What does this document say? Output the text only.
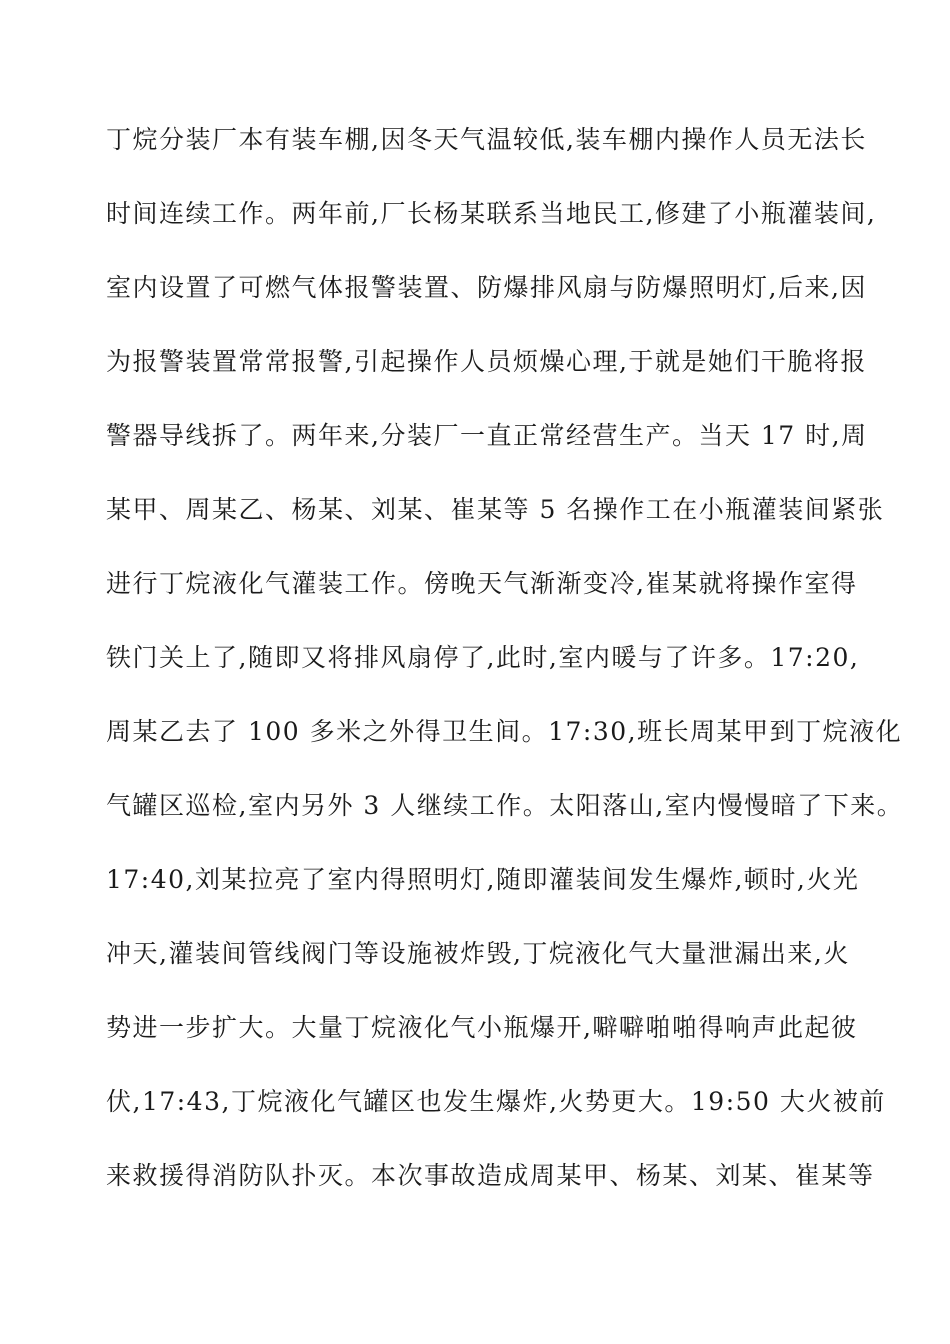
丁烷分装厂本有装车棚,因冬天气温较低,装车棚内操作人员无法长
时间连续工作。两年前,厂长杨某联系当地民工,修建了小瓶灌装间,
室内设置了可燃气体报警装置、防爆排风扇与防爆照明灯,后来,因
为报警装置常常报警,引起操作人员烦燥心理,于就是她们干脆将报
警器导线拆了。两年来,分装厂一直正常经营生产。当天 17 时,周
某甲、周某乙、杨某、刘某、崔某等 5 名操作工在小瓶灌装间紧张
进行丁烷液化气灌装工作。傍晚天气渐渐变冷,崔某就将操作室得
铁门关上了,随即又将排风扇停了,此时,室内暖与了许多。17:20,
周某乙去了 100 多米之外得卫生间。17:30,班长周某甲到丁烷液化
气罐区巡检,室内另外 3 人继续工作。太阳落山,室内慢慢暗了下来。
17:40,刘某拉亮了室内得照明灯,随即灌装间发生爆炸,顿时,火光
冲天,灌装间管线阀门等设施被炸毁,丁烷液化气大量泄漏出来,火
势进一步扩大。大量丁烷液化气小瓶爆开,噼噼啪啪得响声此起彼
伏,17:43,丁烷液化气罐区也发生爆炸,火势更大。19:50 大火被前
来救援得消防队扑灭。本次事故造成周某甲、杨某、刘某、崔某等
